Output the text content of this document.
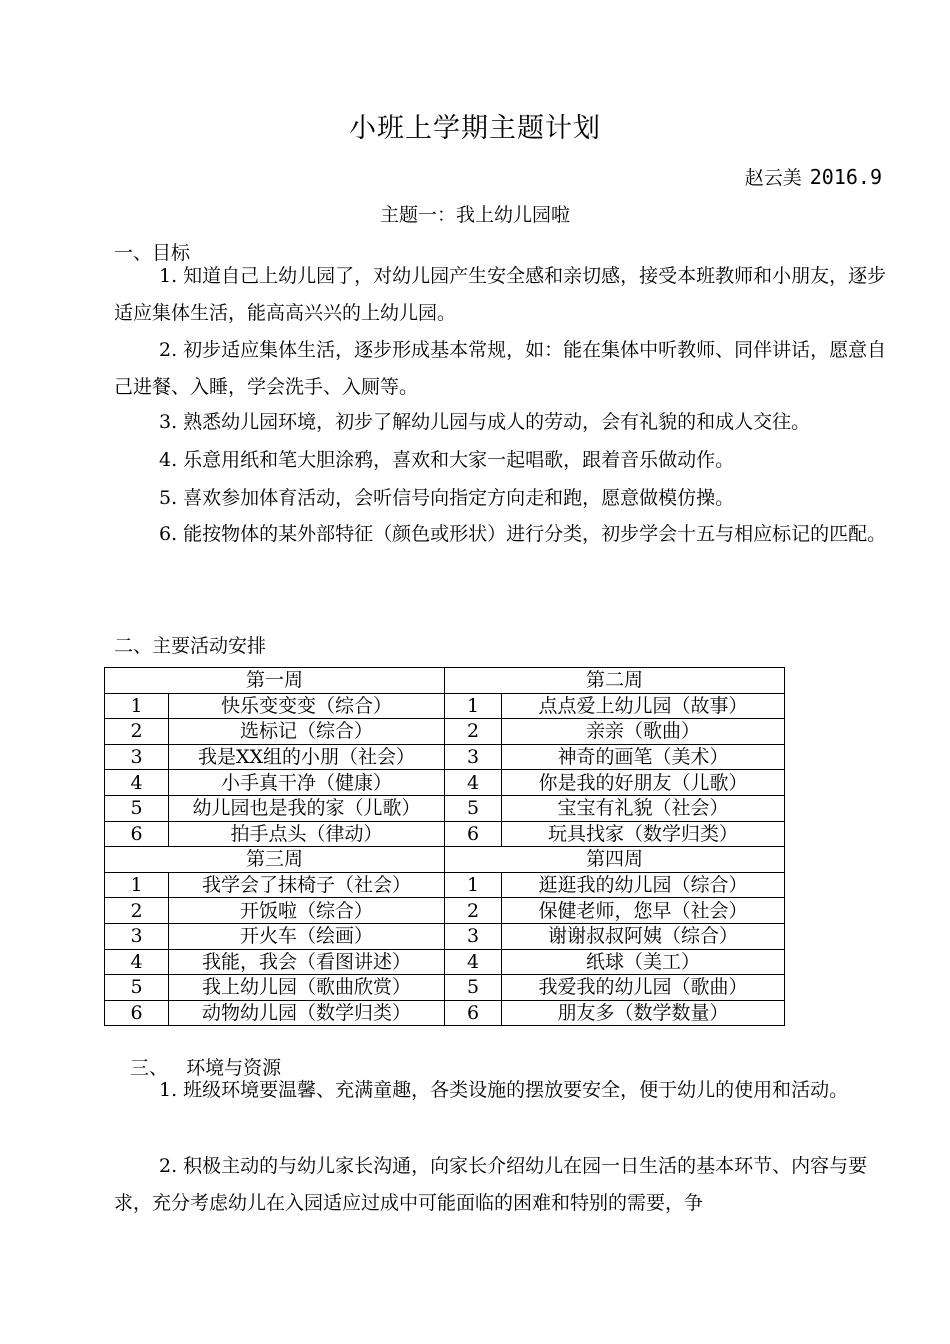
小班上学期主题计划
赵云美 2016.9
主题一：我上幼儿园啦
一、目标
1. 知道自己上幼儿园了，对幼儿园产生安全感和亲切感，接受本班教师和小朋友，逐步适应集体生活，能高高兴兴的上幼儿园。
2. 初步适应集体生活，逐步形成基本常规，如：能在集体中听教师、同伴讲话，愿意自己进餐、入睡，学会洗手、入厕等。
3. 熟悉幼儿园环境，初步了解幼儿园与成人的劳动，会有礼貌的和成人交往。
4. 乐意用纸和笔大胆涂鸦，喜欢和大家一起唱歌，跟着音乐做动作。
5. 喜欢参加体育活动，会听信号向指定方向走和跑，愿意做模仿操。
6. 能按物体的某外部特征（颜色或形状）进行分类，初步学会十五与相应标记的匹配。
二、主要活动安排
第一周		第二周	
1	快乐变变变（综合）	1	点点爱上幼儿园（故事）
2	选标记（综合）	2	亲亲（歌曲）
3	我是XX组的小朋（社会）	3	神奇的画笔（美术）
4	小手真干净（健康）	4	你是我的好朋友（儿歌）
5	幼儿园也是我的家（儿歌）	5	宝宝有礼貌（社会）
6	拍手点头（律动）	6	玩具找家（数学归类）
第三周		第四周	
1	我学会了抹椅子（社会）	1	逛逛我的幼儿园（综合）
2	开饭啦（综合）	2	保健老师，您早（社会）
3	开火车（绘画）	3	谢谢叔叔阿姨（综合）
4	我能，我会（看图讲述）	4	纸球（美工）
5	我上幼儿园（歌曲欣赏）	5	我爱我的幼儿园（歌曲）
6	动物幼儿园（数学归类）	6	朋友多（数学数量）
三、   环境与资源
1. 班级环境要温馨、充满童趣，各类设施的摆放要安全，便于幼儿的使用和活动。
2. 积极主动的与幼儿家长沟通，向家长介绍幼儿在园一日生活的基本环节、内容与要求，充分考虑幼儿在入园适应过成中可能面临的困难和特别的需要，争
